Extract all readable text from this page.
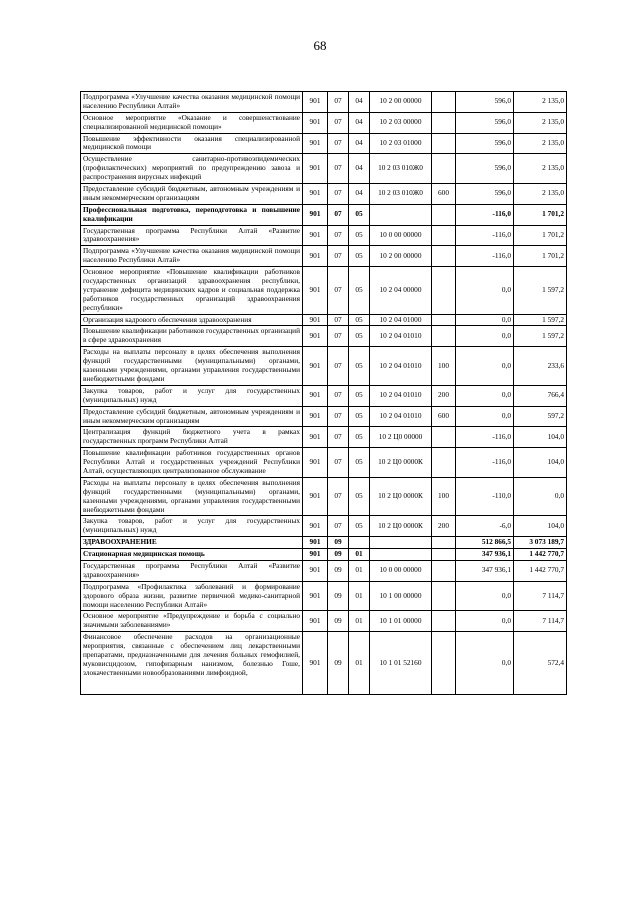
68
Подпрограмма «Улучшение качества оказания медицинской помощи населению Республики Алтай»	901	07	04	10 2 00 00000		596,0	2 135,0
Основное мероприятие «Оказание и совершенствование специализированной медицинской помощи»	901	07	04	10 2 03 00000		596,0	2 135,0
Повышение эффективности оказания специализированной медицинской помощи	901	07	04	10 2 03 01000		596,0	2 135,0
Осуществление санитарно-противоэпидемических (профилактических) мероприятий по предупреждению завоза и распространения вирусных инфекций	901	07	04	10 2 03 010Ж0		596,0	2 135,0
Предоставление субсидий бюджетным, автономным учреждениям и иным некоммерческим организациям	901	07	04	10 2 03 010Ж0	600	596,0	2 135,0
Профессиональная подготовка, переподготовка и повышение квалификации	901	07	05			-116,0	1 701,2
Государственная программа Республики Алтай «Развитие здравоохранения»	901	07	05	10 0 00 00000		-116,0	1 701,2
Подпрограмма «Улучшение качества оказания медицинской помощи населению Республики Алтай»	901	07	05	10 2 00 00000		-116,0	1 701,2
Основное мероприятие «Повышение квалификации работников государственных организаций здравоохранения республики, устранение дефицита медицинских кадров и социальная поддержка работников государственных организаций здравоохранения республики»	901	07	05	10 2 04 00000		0,0	1 597,2
Организация кадрового обеспечения здравоохранения	901	07	05	10 2 04 01000		0,0	1 597,2
Повышение квалификации работников государственных организаций в сфере здравоохранения	901	07	05	10 2 04 01010		0,0	1 597,2
Расходы на выплаты персоналу в целях обеспечения выполнения функций государственными (муниципальными) органами, казенными учреждениями, органами управления государственными внебюджетными фондами	901	07	05	10 2 04 01010	100	0,0	233,6
Закупка товаров, работ и услуг для государственных (муниципальных) нужд	901	07	05	10 2 04 01010	200	0,0	766,4
Предоставление субсидий бюджетным, автономным учреждениям и иным некоммерческим организациям	901	07	05	10 2 04 01010	600	0,0	597,2
Централизация функций бюджетного учета в рамках государственных программ Республики Алтай	901	07	05	10 2 Ц0 00000		-116,0	104,0
Повышение квалификации работников государственных органов Республики Алтай и государственных учреждений Республики Алтай, осуществляющих централизованное обслуживание	901	07	05	10 2 Ц0 0000К		-116,0	104,0
Расходы на выплаты персоналу в целях обеспечения выполнения функций государственными (муниципальными) органами, казенными учреждениями, органами управления государственными внебюджетными фондами	901	07	05	10 2 Ц0 0000К	100	-110,0	0,0
Закупка товаров, работ и услуг для государственных (муниципальных) нужд	901	07	05	10 2 Ц0 0000К	200	-6,0	104,0
ЗДРАВООХРАНЕНИЕ	901	09				512 866,5	3 073 189,7
Стационарная медицинская помощь	901	09	01			347 936,1	1 442 770,7
Государственная программа Республики Алтай «Развитие здравоохранения»	901	09	01	10 0 00 00000		347 936,1	1 442 770,7
Подпрограмма «Профилактика заболеваний и формирование здорового образа жизни, развитие первичной медико-санитарной помощи населению Республики Алтай»	901	09	01	10 1 00 00000		0,0	7 114,7
Основное мероприятие «Предупреждение и борьба с социально значимыми заболеваниями»	901	09	01	10 1 01 00000		0,0	7 114,7
Финансовое обеспечение расходов на организационные мероприятия, связанные с обеспечением лиц лекарственными препаратами, предназначенными для лечения больных гемофилией, муковисцидозом, гипофизарным нанизмом, болезнью Гоше, злокачественными новообразованиями лимфоидной,	901	09	01	10 1 01 52160		0,0	572,4
